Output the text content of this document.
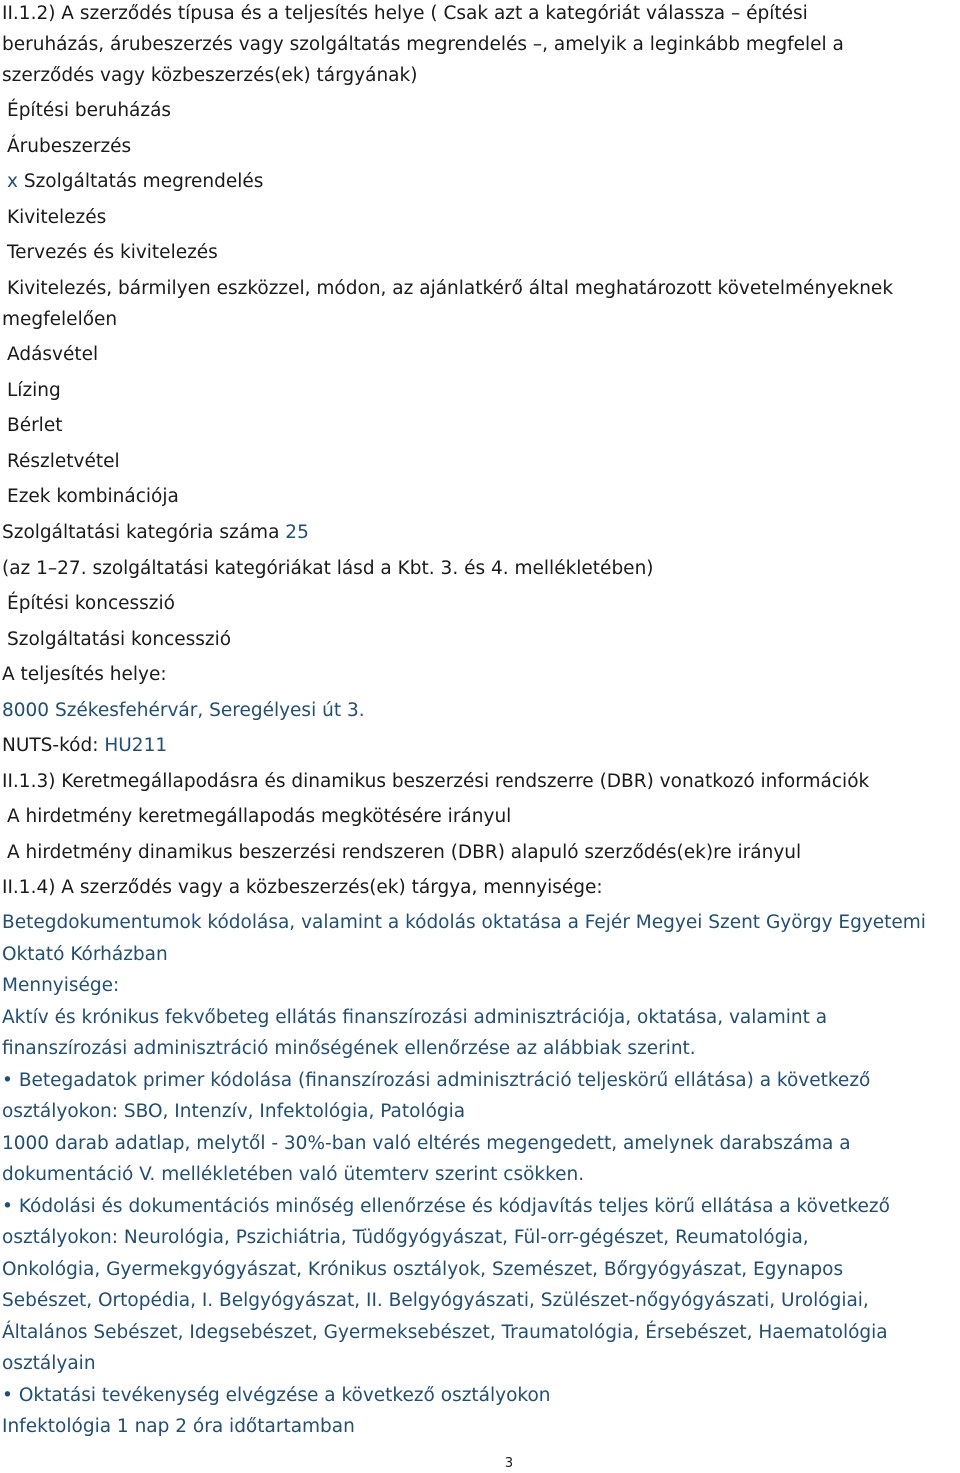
II.1.2) A szerződés típusa és a teljesítés helye ( Csak azt a kategóriát válassza – építési
beruházás, árubeszerzés vagy szolgáltatás megrendelés –, amelyik a leginkább megfelel a
szerződés vagy közbeszerzés(ek) tárgyának)
Építési beruházás
Árubeszerzés
x Szolgáltatás megrendelés
Kivitelezés
Tervezés és kivitelezés
Kivitelezés, bármilyen eszközzel, módon, az ajánlatkérő által meghatározott követelményeknek
megfelelően
Adásvétel
Lízing
Bérlet
Részletvétel
Ezek kombinációja
Szolgáltatási kategória száma 25
(az 1–27. szolgáltatási kategóriákat lásd a Kbt. 3. és 4. mellékletében)
Építési koncesszió
Szolgáltatási koncesszió
A teljesítés helye:
8000 Székesfehérvár, Seregélyesi út 3.
NUTS-kód: HU211
II.1.3) Keretmegállapodásra és dinamikus beszerzési rendszerre (DBR) vonatkozó információk
A hirdetmény keretmegállapodás megkötésére irányul
A hirdetmény dinamikus beszerzési rendszeren (DBR) alapuló szerződés(ek)re irányul
II.1.4) A szerződés vagy a közbeszerzés(ek) tárgya, mennyisége:
Betegdokumentumok kódolása, valamint a kódolás oktatása a Fejér Megyei Szent György Egyetemi
Oktató Kórházban
Mennyisége:
Aktív és krónikus fekvőbeteg ellátás finanszírozási adminisztrációja, oktatása, valamint a
finanszírozási adminisztráció minőségének ellenőrzése az alábbiak szerint.
• Betegadatok primer kódolása (finanszírozási adminisztráció teljeskörű ellátása) a következő
osztályokon: SBO, Intenzív, Infektológia, Patológia
1000 darab adatlap, melytől - 30%-ban való eltérés megengedett, amelynek darabszáma a
dokumentáció V. mellékletében való ütemterv szerint csökken.
• Kódolási és dokumentációs minőség ellenőrzése és kódjavítás teljes körű ellátása a következő
osztályokon: Neurológia, Pszichiátria, Tüdőgyógyászat, Fül-orr-gégészet, Reumatológia,
Onkológia, Gyermekgyógyászat, Krónikus osztályok, Szemészet, Bőrgyógyászat, Egynapos
Sebészet, Ortopédia, I. Belgyógyászat, II. Belgyógyászati, Szülészet-nőgyógyászati, Urológiai,
Általános Sebészet, Idegsebészet, Gyermeksebészet, Traumatológia, Érsebészet, Haematológia
osztályain
• Oktatási tevékenység elvégzése a következő osztályokon
Infektológia 1 nap 2 óra időtartamban
3
